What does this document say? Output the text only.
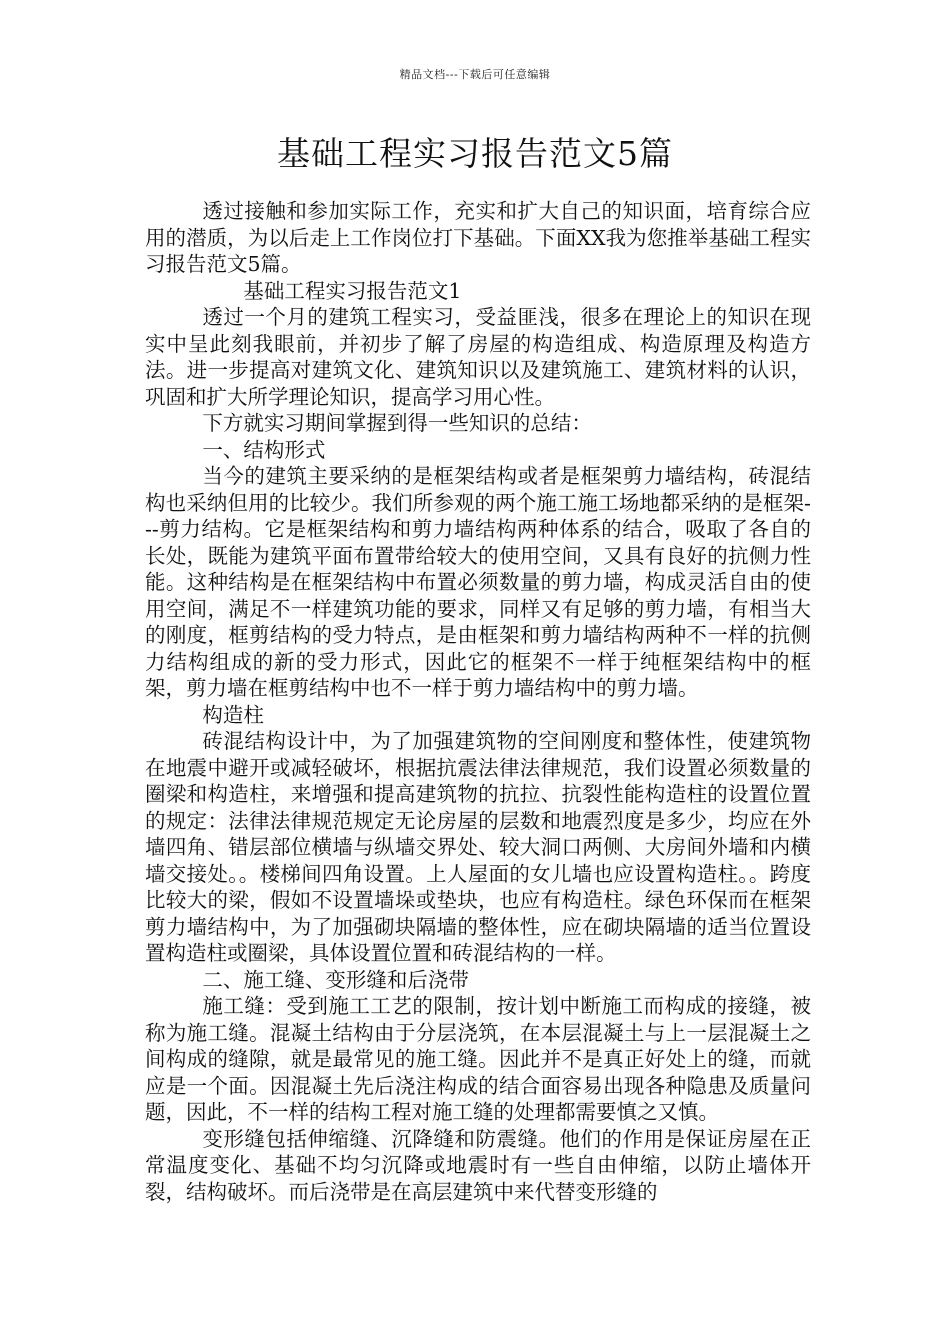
精品文档---下载后可任意编辑
基础工程实习报告范文5篇

透过接触和参加实际工作，充实和扩大自己的知识面，培育综合应用的潜质，为以后走上工作岗位打下基础。下面XX我为您推举基础工程实习报告范文5篇。

基础工程实习报告范文1

透过一个月的建筑工程实习，受益匪浅，很多在理论上的知识在现实中呈此刻我眼前，并初步了解了房屋的构造组成、构造原理及构造方法。进一步提高对建筑文化、建筑知识以及建筑施工、建筑材料的认识，巩固和扩大所学理论知识，提高学习用心性。

下方就实习期间掌握到得一些知识的总结：

一、结构形式

当今的建筑主要采纳的是框架结构或者是框架剪力墙结构，砖混结构也采纳但用的比较少。我们所参观的两个施工施工场地都采纳的是框架---剪力结构。它是框架结构和剪力墙结构两种体系的结合，吸取了各自的长处，既能为建筑平面布置带给较大的使用空间，又具有良好的抗侧力性能。这种结构是在框架结构中布置必须数量的剪力墙，构成灵活自由的使用空间，满足不一样建筑功能的要求，同样又有足够的剪力墙，有相当大的刚度，框剪结构的受力特点，是由框架和剪力墙结构两种不一样的抗侧力结构组成的新的受力形式，因此它的框架不一样于纯框架结构中的框架，剪力墙在框剪结构中也不一样于剪力墙结构中的剪力墙。

构造柱

砖混结构设计中，为了加强建筑物的空间刚度和整体性，使建筑物在地震中避开或减轻破坏，根据抗震法律法律规范，我们设置必须数量的圈梁和构造柱，来增强和提高建筑物的抗拉、抗裂性能构造柱的设置位置的规定：法律法律规范规定无论房屋的层数和地震烈度是多少，均应在外墙四角、错层部位横墙与纵墙交界处、较大洞口两侧、大房间外墙和内横墙交接处。。楼梯间四角设置。上人屋面的女儿墙也应设置构造柱。。跨度比较大的梁，假如不设置墙垛或垫块，也应有构造柱。绿色环保而在框架剪力墙结构中，为了加强砌块隔墙的整体性，应在砌块隔墙的适当位置设置构造柱或圈梁，具体设置位置和砖混结构的一样。

二、施工缝、变形缝和后浇带

施工缝：受到施工工艺的限制，按计划中断施工而构成的接缝，被称为施工缝。混凝土结构由于分层浇筑，在本层混凝土与上一层混凝土之间构成的缝隙，就是最常见的施工缝。因此并不是真正好处上的缝，而就应是一个面。因混凝土先后浇注构成的结合面容易出现各种隐患及质量问题，因此，不一样的结构工程对施工缝的处理都需要慎之又慎。

变形缝包括伸缩缝、沉降缝和防震缝。他们的作用是保证房屋在正常温度变化、基础不均匀沉降或地震时有一些自由伸缩，以防止墙体开裂，结构破坏。而后浇带是在高层建筑中来代替变形缝的
